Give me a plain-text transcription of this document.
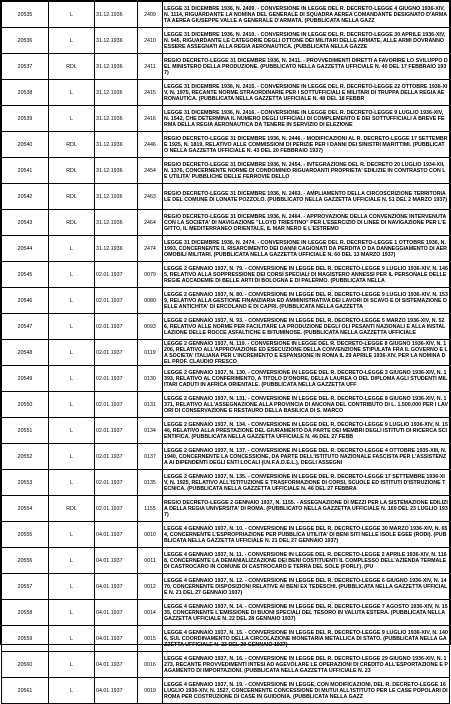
20535	L	31.12.1936	2409	LEGGE 31 DICEMBRE 1936, N. 2409. - CONVERSIONE IN LEGGE DEL R. DECRETO-LEGGE 4 GIUGNO 1936-XIV, N. 1114, RIGUARDANTE LA NOMINA DEL GENERALE DI SQUADRA AEREA COMANDANTE DESIGNATO D'ARMATA AEREA GIUSEPPE VALLE A GENERALE D'ARMATA. (PUBBLICATA NELLA GAZZ
20536	L	31.12.1936	2410	LEGGE 31 DICEMBRE 1936, N. 2410. - CONVERSIONE IN LEGGE DEL R. DECRETO-LEGGE 30 APRILE 1936-XIV, N. 945, RIGUARDANTE LE CATEGORIE DEGLI OTTONE DEI MILITARI DELLE ARMATE, ALLE ARMI DOVRANNO ESSERE ASSEGNATI ALLA REGIA AERONAUTICA. (PUBBLICATA NELLA GAZZE
20537	RDL	31.12.1936	2411	REGIO DECRETO-LEGGE 31 DICEMBRE 1936, N. 2411. - PROVVEDIMENTI DIRETTI A FAVORIRE LO SVILUPPO DEL MINISTERO DELLA PRODUZIONE. (PUBBLICATO NELLA GAZZETTA UFFICIALE N. 40 DEL 17 FEBBRAIO 1937)
20538	L	31.12.1936	2415	LEGGE 31 DICEMBRE 1936, N. 2415. - CONVERSIONE IN LEGGE DEL R. DECRETO-LEGGE 22 OTTOBRE 1936-XIV, N. 1975, RECANTE NORME STRAORDINARIE PER I SOTTUFFICIALI E MILITARI DI TRUPPA DELLA REGIA AERONAUTICA. (PUBBLICATA NELLA GAZZETTA UFFICIALE N. 48 DEL 18 FEBBR
20539	L	31.12.1936	2416	LEGGE 31 DICEMBRE 1936, N. 2416. - CONVERSIONE IN LEGGE DEL R. DECRETO-LEGGE 9 LUGLIO 1936-XIV, N. 1542, CHE DETERMINA IL NUMERO DEGLI UFFICIALI DI COMPLEMENTO E DEI SOTTUFFICIALI A BREVE FERMA DELLA REGIA AERONAUTICA DA TENERE IN SERVIZIO DI ELEZIONE
20540	RDL	31.12.1936	2446	REGIO DECRETO-LEGGE 31 DICEMBRE 1936, N. 2446. - MODIFICAZIONI AL R. DECRETO-LEGGE 17 SETTEMBRE 1925, N. 1819, RELATIVO ALLE COMMISSIONI DI PERIZIE PER I DANNI DEI SINISTRI MARITTIMI. (PUBBLICATO NELLA GAZZETTA UFFICIALE N. 43 DEL 20 FEBBRAIO 1937)
20541	RDL	31.12.1936	2454	REGIO DECRETO-LEGGE 31 DICEMBRE 1936, N. 2454. - INTEGRAZIONE DEL R. DECRETO 20 LUGLIO 1934-XII, N. 1376, CONCERNENTE NORME DI CONDOMINIO RIGUARDANTI PROPRIETA' EDILIZIE IN CONTRASTO CON LE UTILITA' PUBBLICHE DELLE FERROVIE DELLO
20542	RDL	31.12.1936	2463	REGIO DECRETO-LEGGE 31 DICEMBRE 1936, N. 2463. - AMPLIAMENTO DELLA CIRCOSCRIZIONE TERRITORIALE DEL COMUNE DI LONATE POZZOLO. (PUBBLICATO NELLA GAZZETTA UFFICIALE N. 51 DEL 2 MARZO 1937)
20543	RDL	31.12.1936	2464	REGIO DECRETO-LEGGE 31 DICEMBRE 1936, N. 2464. - APPROVAZIONE DELLA CONVENZIONE INTERVENUTA CON LA SOCIETA' DI NAVIGAZIONE "LLOYD TRIESTINO" PER L'ESERCIZIO DI LINEE DI NAVIGAZIONE PER L'EGITTO, IL MEDITERRANEO ORIENTALE, IL MAR NERO E L'ESTREMO
20544	L	31.12.1936	2474	LEGGE 31 DICEMBRE 1936, N. 2474. - CONVERSIONE IN LEGGE DEL R. DECRETO-LEGGE 1 OTTOBRE 1936, N. 1993, CONCERNENTE IL RISARCIMENTO DEI DANNI CAGIONATI DA PERDITA O DA DANNEGGIAMENTO DI AEROMOBILI MILITARI. (PUBBLICATA NELLA GAZZETTA UFFICIALE N. 60 DEL 13 MARZO 1937)
20545	L	02.01.1937	0079	LEGGE 2 GENNAIO 1937, N. 79. - CONVERSIONE IN LEGGE DEL R. DECRETO-LEGGE 9 LUGLIO 1936-XIV, N. 1465, RELATIVO ALLA SOPPRESSIONE DEI CORSI SPECIALI DI MAGISTERO ANNESSI PER IL PERSONALE DELLE REGIE ACCADEMIE DI BELLE ARTI DI BOLOGNA E DI PALERMO. (PUBBLICATA NELLA
20546	L	02.01.1937	0080	LEGGE 2 GENNAIO 1937, N. 80. - CONVERSIONE IN LEGGE DEL R. DECRETO-LEGGE 9 LUGLIO 1936-XIV, N. 1539, RELATIVO ALLA GESTIONE FINANZIARIA ED AMMINISTRATIVA DEI LAVORI DI SCAVO E DI SISTEMAZIONE DELLE ANTICHITA' DI ERCOLANO E DI CAPRI. (PUBBLICATA NELLA GAZZETTA
20547	L	02.01.1937	0093	LEGGE 2 GENNAIO 1937, N. 93. - CONVERSIONE IN LEGGE DEL R. DECRETO-LEGGE 5 MARZO 1936-XIV, N. 526, RELATIVO ALLE NORME PER FACILITARE LA PRODUZIONE DEGLI OLI PESANTI NAZIONALI E ALLA INSTALLAZIONE DELLE ROCCE ASFALTICHE E BITUMINOSE. (PUBBLICATA NELLA GAZZETTA UFFICIALE
20548	L	02.01.1937	0119	LEGGE 2 GENNAIO 1937, N. 119. - CONVERSIONE IN LEGGE DEL R. DECRETO-LEGGE 8 GIUGNO 1936-XIV, N. 1206, RELATIVO ALL'APPROVAZIONE ED ESECUZIONE DELLA CONVENZIONE STIPULATA FRA IL GOVERNO E LA SOCIETA' ITALIANA PER L'INCREMENTO E ESPANSIONE IN ROMA IL 29 APRILE 1936-XIV, PER LA NOMINA DEL PROF. CLAUDIO FRESCO
20549	L	02.01.1937	0130	LEGGE 2 GENNAIO 1937, N. 130. - CONVERSIONE IN LEGGE DEL R. DECRETO-LEGGE 3 GIUGNO 1936-XIV, N. 1393, RELATIVO AL CONFERIMENTO, A TITOLO D'ONORE, DELLA LAUREA O DEL DIPLOMA AGLI STUDENTI MILITARI CADUTI IN AFRICA ORIENTALE. (PUBBLICATA NELLA GAZZETTA UFF
20550	L	02.01.1937	0131	LEGGE 2 GENNAIO 1937, N. 131. - CONVERSIONE IN LEGGE DEL R. DECRETO-LEGGE 8 GIUGNO 1936-XIV, N. 1371, RELATIVO ALL'ASSEGNAZIONE ALLA PROVINCIA DI ANCONA DEL CONTRIBUTO DI L. 1.500.000 PER I LAVORI DI CONSERVAZIONE E RESTAURO DELLA BASILICA DI S. MARCO
20551	L	02.01.1937	0134	LEGGE 2 GENNAIO 1937, N. 134. - CONVERSIONE IN LEGGE DEL R. DECRETO-LEGGE 9 LUGLIO 1936-XIV, N. 1546, RELATIVO ALLA PRESTAZIONE DEL GIURAMENTO DA PARTE DEI MEMBRI DEGLI ISTITUTI DI RICERCA SCIENTIFICA. (PUBBLICATA NELLA GAZZETTA UFFICIALE N. 46 DEL 27 FEBB
20552	L	02.01.1937	0137	LEGGE 2 GENNAIO 1937, N. 137. - CONVERSIONE IN LEGGE DEL R. DECRETO-LEGGE 4 OTTOBRE 1935-XIII, N. 1940, CONCERNENTE LA CONCESSIONE, DA PARTE DELL'ISTITUTO NAZIONALE FASCISTA PER L'ASSISTENZA AI DIPENDENTI DEGLI ENTI LOCALI (I.N.F.A.D.E.L.), DEGLI ASSEGNI
20553	L	02.01.1937	0135	LEGGE 2 GENNAIO 1937, N. 135. - CONVERSIONE IN LEGGE DEL R. DECRETO-LEGGE 17 SETTEMBRE 1936-XIV, N. 1925, RELATIVO ALL'ISTITUZIONE E TRASFORMAZIONE DI CORSI, SCUOLE ED ISTITUTI D'ISTRUZIONE TECNICA. (PUBBLICATA NELLA GAZZETTA UFFICIALE N. 46 DEL 27 FEBBRA
20554	RDL	02.01.1937	1155	REGIO DECRETO-LEGGE 2 GENNAIO 1937, N. 1155. - ASSEGNAZIONE DI MEZZI PER LA SISTEMAZIONE EDILIZIA DELLA REGIA UNIVERSITA' DI ROMA. (PUBBLICATO NELLA GAZZETTA UFFICIALE N. 169 DEL 23 LUGLIO 1937)
20555	L	04.01.1937	0010	LEGGE 4 GENNAIO 1937, N. 10. - CONVERSIONE IN LEGGE DEL R. DECRETO-LEGGE 30 MARZO 1936-XIV, N. 654, CONCERNENTE L'ESPROPRIAZIONE PER PUBBLICA UTILITA' DI BENI SITI NELLE ISOLE EGEE (RODI). (PUBBLICATA NELLA GAZZETTA UFFICIALE N. 21 DEL 27 GENNAIO 1937)
20556	L	04.01.1937	0011	LEGGE 4 GENNAIO 1937, N. 11. - CONVERSIONE IN LEGGE DEL R. DECRETO-LEGGE 2 APRILE 1936-XIV, N. 1168, CONCERNENTE LA DEMANIALIZZAZIONE DEI BENI COSTITUENTI IL COMPLESSO DELL'AZIENDA TERMALE DI CASTROCARO IN COMUNE DI CASTROCARO E TERRA DEL SOLE (FORLI'). (PU
20557	L	04.01.1937	0012	LEGGE 4 GENNAIO 1937, N. 12. - CONVERSIONE IN LEGGE DEL R. DECRETO-LEGGE 6 GIUGNO 1936-XIV, N. 1470, CONCERNENTE DISPOSIZIONI RELATIVE AI BENI EX TEDESCHI. (PUBBLICATA NELLA GAZZETTA UFFICIALE N. 21 DEL 27 GENNAIO 1937)
20558	L	04.01.1937	0014	LEGGE 4 GENNAIO 1937, N. 14. - CONVERSIONE IN LEGGE DEL R. DECRETO-LEGGE 7 AGOSTO 1936-XIV, N. 1535, CONCERNENTE L'EMISSIONE DI BUONI SPECIALI DEL TESORO IN VALUTA ESTERA. (PUBBLICATA NELLA GAZZETTA UFFICIALE N. 22 DEL 28 GENNAIO 1937)
20559	L	04.01.1937	0015	LEGGE 4 GENNAIO 1937, N. 15. - CONVERSIONE IN LEGGE DEL R. DECRETO-LEGGE 9 LUGLIO 1936-XIV, N. 1406, SUL COORDINAMENTO DELLA CIRCOLAZIONE MONETARIA METALLICA DI STATO. (PUBBLICATA NELLA GAZZETTA UFFICIALE N. 23 DEL 29 GENNAIO 1937)
20560	L	04.01.1937	0016	LEGGE 4 GENNAIO 1937, N. 16. - CONVERSIONE IN LEGGE DEL R. DECRETO-LEGGE 29 GIUGNO 1936-XIV, N. 1273, RECANTE PROVVEDIMENTI INTESI AD AGEVOLARE LE OPERAZIONI DI CREDITO ALL'ESPORTAZIONE E PAGAMENTO DI IMPORTAZIONI. (PUBBLICATA NELLA GAZZETTA UFFICIALE N. 23
20561	L	04.01.1937	0019	LEGGE 4 GENNAIO 1937, N. 19. - CONVERSIONE IN LEGGE, CON MODIFICAZIONI, DEL R. DECRETO-LEGGE 16 LUGLIO 1936-XIV, N. 1527, CONCERNENTE CONCESSIONE DI MUTUI ALL'ISTITUTO PER LE CASE POPOLARI DI ROMA PER COSTRUZIONE DI CASE IN GUIDONIA. (PUBBLICATA NELLA GAZZ
